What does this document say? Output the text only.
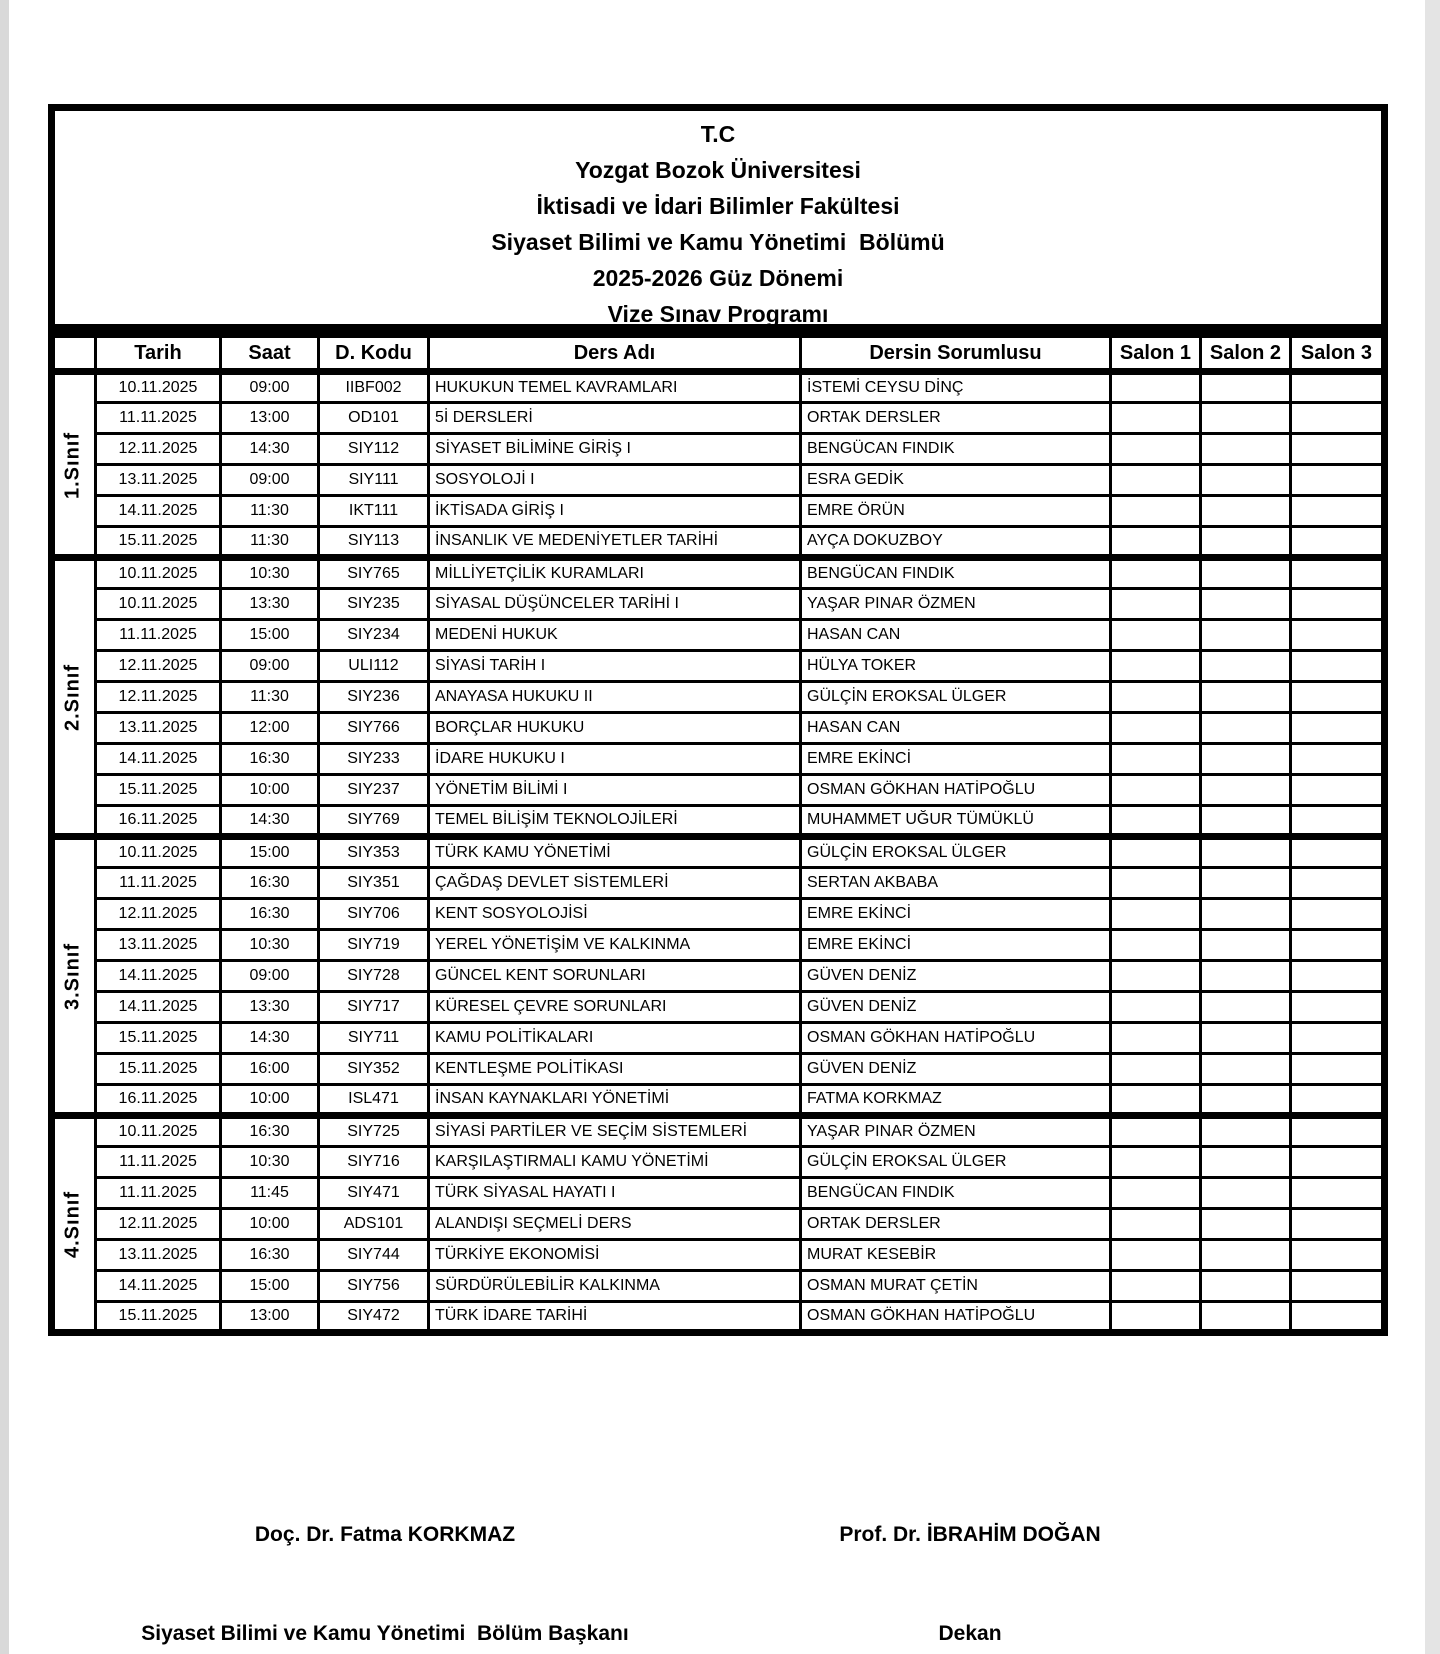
T.C
Yozgat Bozok Üniversitesi
İktisadi ve İdari Bilimler Fakültesi
Siyaset Bilimi ve Kamu Yönetimi  Bölümü
2025-2026 Güz Dönemi
Vize Sınav Programı
	Tarih	Saat	D. Kodu	Ders Adı	Dersin Sorumlusu	Salon 1	Salon 2	Salon 3
1.Sınıf	10.11.2025	09:00	IIBF002	HUKUKUN TEMEL KAVRAMLARI	İSTEMİ CEYSU DİNÇ			
	11.11.2025	13:00	OD101	5İ DERSLERİ	ORTAK DERSLER			
	12.11.2025	14:30	SIY112	SİYASET BİLİMİNE GİRİŞ I	BENGÜCAN FINDIK			
	13.11.2025	09:00	SIY111	SOSYOLOJİ I	ESRA GEDİK			
	14.11.2025	11:30	IKT111	İKTİSADA GİRİŞ I	EMRE ÖRÜN			
	15.11.2025	11:30	SIY113	İNSANLIK VE MEDENİYETLER TARİHİ	AYÇA DOKUZBOY			
2.Sınıf	10.11.2025	10:30	SIY765	MİLLİYETÇİLİK KURAMLARI	BENGÜCAN FINDIK			
	10.11.2025	13:30	SIY235	SİYASAL DÜŞÜNCELER TARİHİ I	YAŞAR PINAR ÖZMEN			
	11.11.2025	15:00	SIY234	MEDENİ HUKUK	HASAN CAN			
	12.11.2025	09:00	ULI112	SİYASİ TARİH I	HÜLYA TOKER			
	12.11.2025	11:30	SIY236	ANAYASA HUKUKU II	GÜLÇİN EROKSAL ÜLGER			
	13.11.2025	12:00	SIY766	BORÇLAR HUKUKU	HASAN CAN			
	14.11.2025	16:30	SIY233	İDARE HUKUKU I	EMRE EKİNCİ			
	15.11.2025	10:00	SIY237	YÖNETİM BİLİMİ I	OSMAN GÖKHAN HATİPOĞLU			
	16.11.2025	14:30	SIY769	TEMEL BİLİŞİM TEKNOLOJİLERİ	MUHAMMET UĞUR TÜMÜKLÜ			
3.Sınıf	10.11.2025	15:00	SIY353	TÜRK KAMU YÖNETİMİ	GÜLÇİN EROKSAL ÜLGER			
	11.11.2025	16:30	SIY351	ÇAĞDAŞ DEVLET SİSTEMLERİ	SERTAN AKBABA			
	12.11.2025	16:30	SIY706	KENT SOSYOLOJİSİ	EMRE EKİNCİ			
	13.11.2025	10:30	SIY719	YEREL YÖNETİŞİM VE KALKINMA	EMRE EKİNCİ			
	14.11.2025	09:00	SIY728	GÜNCEL KENT SORUNLARI	GÜVEN DENİZ			
	14.11.2025	13:30	SIY717	KÜRESEL ÇEVRE SORUNLARI	GÜVEN DENİZ			
	15.11.2025	14:30	SIY711	KAMU POLİTİKALARI	OSMAN GÖKHAN HATİPOĞLU			
	15.11.2025	16:00	SIY352	KENTLEŞME POLİTİKASI	GÜVEN DENİZ			
	16.11.2025	10:00	ISL471	İNSAN KAYNAKLARI YÖNETİMİ	FATMA KORKMAZ			
4.Sınıf	10.11.2025	16:30	SIY725	SİYASİ PARTİLER VE SEÇİM SİSTEMLERİ	YAŞAR PINAR ÖZMEN			
	11.11.2025	10:30	SIY716	KARŞILAŞTIRMALI KAMU YÖNETİMİ	GÜLÇİN EROKSAL ÜLGER			
	11.11.2025	11:45	SIY471	TÜRK SİYASAL HAYATI I	BENGÜCAN FINDIK			
	12.11.2025	10:00	ADS101	ALANDIŞI SEÇMELİ DERS	ORTAK DERSLER			
	13.11.2025	16:30	SIY744	TÜRKİYE EKONOMİSİ	MURAT KESEBİR			
	14.11.2025	15:00	SIY756	SÜRDÜRÜLEBİLİR KALKINMA	OSMAN MURAT ÇETİN			
	15.11.2025	13:00	SIY472	TÜRK İDARE TARİHİ	OSMAN GÖKHAN HATİPOĞLU			

Doç. Dr. Fatma KORKMAZ

Siyaset Bilimi ve Kamu Yönetimi  Bölüm Başkanı

Prof. Dr. İBRAHİM DOĞAN

Dekan
